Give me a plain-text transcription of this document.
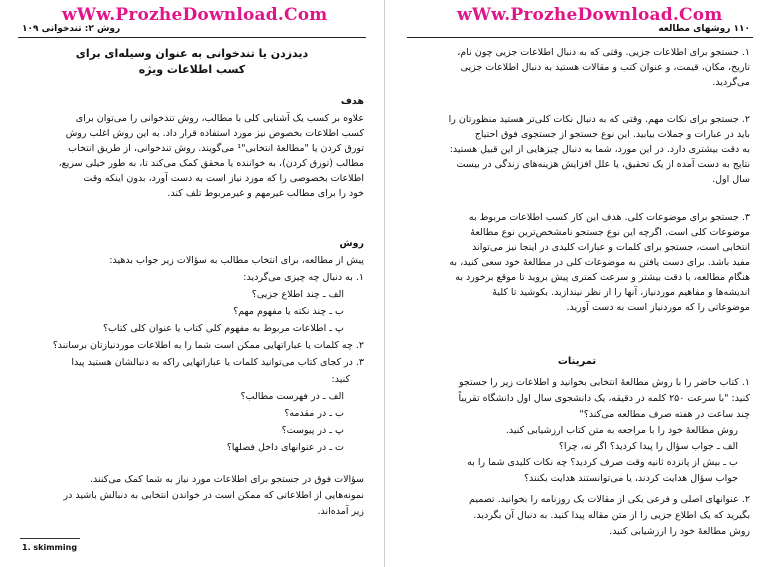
wWw.ProzheDownload.Com
روش ۲: تندخوانی ۱۰۹
دیدزدن یا تندخوانی به عنوان وسیله‌ای برای
کسب اطلاعات ویژه
هدف
علاوه بر کسب یک آشنایی کلی با مطالب، روش تندخوانی را می‌توان برای
کسب اطلاعات بخصوص نیز مورد استفاده قرار داد. به این روش اغلب روش
تورق کردن یا "مطالعهٔ انتخابی"¹ می‌گویند. روش تندخوانی، از طریق انتخاب
مطالب (تورق کردن)، به خواننده یا محقق کمک می‌کند تا، به طور خیلی سریع،
اطلاعات بخصوصی را که مورد نیاز است به دست آورد، بدون اینکه وقت
خود را برای مطالب غیرمهم و غیرمربوط تلف کند.
روش
پیش از مطالعه، برای انتخاب مطالب به سؤالات زیر جواب بدهید:
۱. به دنبال چه چیزی می‌گردید:
الف ـ چند اطلاع جزیی؟
ب ـ چند نکته یا مفهوم مهم؟
پ ـ اطلاعات مربوط به مفهوم کلی کتاب یا عنوان کلی کتاب؟
۲. چه کلمات یا عباراتهایی ممکن است شما را به اطلاعات موردنیازتان برسانند؟
۳. در کجای کتاب می‌توانید کلمات یا عباراتهایی راکه به دنبالشان هستید پیدا
کنید:
الف ـ در فهرست مطالب؟
ب ـ در مقدمه؟
پ ـ در پیوست؟
ت ـ در عنوانهای داخل فصلها؟
سؤالات فوق در جستجو برای اطلاعات مورد نیاز به شما کمک می‌کنند.
نمونه‌هایی از اطلاعاتی که ممکن است در خواندن انتخابی به دنبالش باشید در
زیر آمده‌اند.
1. skimming
wWw.ProzheDownload.Com
۱۱۰ روشهای مطالعه
۱. جستجو برای اطلاعات جزیی. وقتی که به دنبال اطلاعات جزیی چون نام،
تاریخ، مکان، قیمت، و عنوان کتب و مقالات هستید به دنبال اطلاعات جزیی
می‌گردید.
۲. جستجو برای نکات مهم. وقتی که به دنبال نکات کلی‌تر هستید منظورتان را
باید در عبارات و جملات بیابید. این نوع جستجو از جستجوی فوق احتیاج
به دقت بیشتری دارد. در این مورد، شما به دنبال چیزهایی از این قبیل هستید:
نتایج به دست آمده از یک تحقیق، یا علل افزایش هزینه‌های زندگی در بیست
سال اول.
۳. جستجو برای موضوعات کلی. هدف این کار کسب اطلاعات مربوط به
موضوعات کلی است. اگرچه این نوع جستجو نامشخص‌ترین نوع مطالعهٔ
انتخابی است، جستجو برای کلمات و عبارات کلیدی در اینجا نیز می‌تواند
مفید باشد. برای دست یافتن به موضوعات کلی در مطالعهٔ خود سعی کنید، به
هنگام مطالعه، با دقت بیشتر و سرعت کمتری پیش بروید تا موقع برخورد به
اندیشه‌ها و مفاهیم موردنیاز، آنها را از نظر نیندازید. بکوشید تا کلیهٔ
موضوعاتی را که موردنیاز است به دست آورید.
تمرینات
۱. کتاب حاضر را با روش مطالعهٔ انتخابی بخوانید و اطلاعات زیر را جستجو
کنید: "با سرعت ۲۵۰ کلمه در دقیقه، یک دانشجوی سال اول دانشگاه تقریباً
چند ساعت در هفته صرف مطالعه می‌کند؟"
روش مطالعهٔ خود را با مراجعه به متن کتاب ارزشیابی کنید.
الف ـ جواب سؤال را پیدا کردید؟ اگر نه، چرا؟
ب ـ بیش از پانزده ثانیه وقت صرف کردید؟ چه نکات کلیدی شما را به
جواب سؤال هدایت کردند، یا می‌توانستند هدایت بکنند؟
۲. عنوانهای اصلی و فرعی یکی از مقالات یک روزنامه را بخوانید. تصمیم
بگیرید که یک اطلاع جزیی را از متن مقاله پیدا کنید. به دنبال آن بگردید.
روش مطالعهٔ خود را ارزشیابی کنید.
